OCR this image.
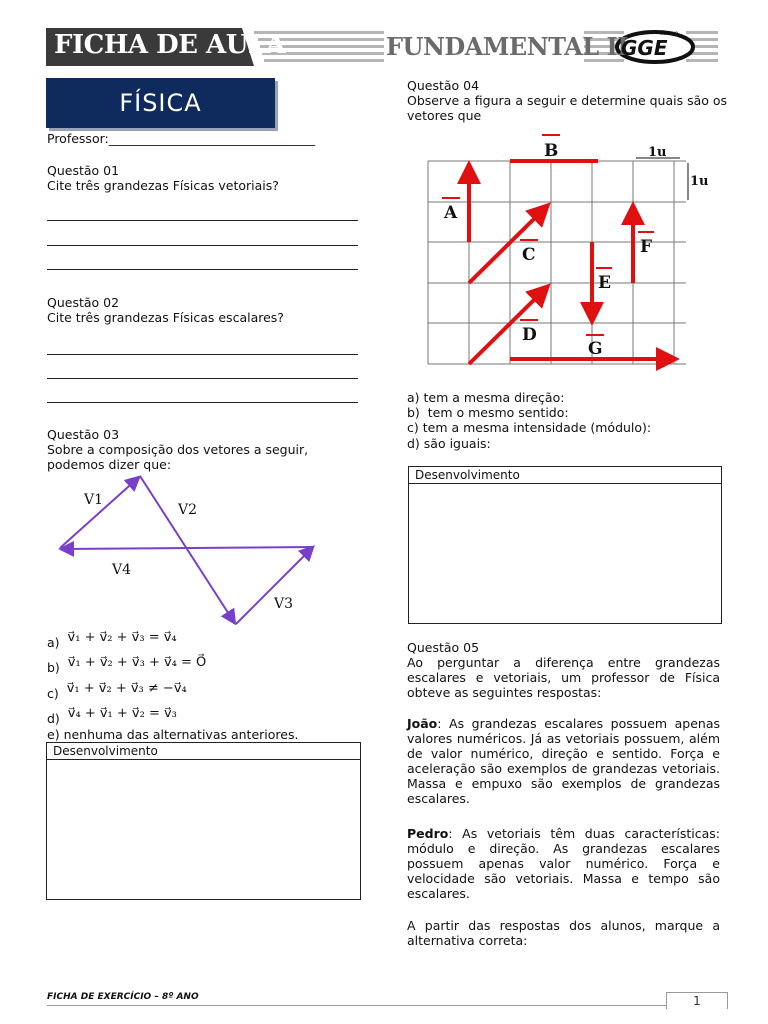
FICHA DE AULA	FUNDAMENTAL II
GGE
COLÉGIO
FÍSICA
Professor:_________________________________
Questão 01
Cite três grandezas Físicas vetoriais?
Questão 02
Cite três grandezas Físicas escalares?
Questão 03
Sobre a composição dos vetores a seguir,
podemos dizer que:
V1
V2
V4
V3
a) v⃗₁ + v⃗₂ + v⃗₃ = v⃗₄
b) v⃗₁ + v⃗₂ + v⃗₃ + v⃗₄ = O⃗
c) v⃗₁ + v⃗₂ + v⃗₃ ≠ −v⃗₄
d) v⃗₄ + v⃗₁ + v⃗₂ = v⃗₃
e) nenhuma das alternativas anteriores.
Desenvolvimento
Questão 04
Observe a figura a seguir e determine quais são os
vetores que
1u
1u
A
B
C
D
E
F
G
a) tem a mesma direção:
b)  tem o mesmo sentido:
c) tem a mesma intensidade (módulo):
d) são iguais:
Desenvolvimento
Questão 05
Ao perguntar a diferença entre grandezas escalares e vetoriais, um professor de Física obteve as seguintes respostas:
João: As grandezas escalares possuem apenas valores numéricos. Já as vetoriais possuem, além de valor numérico, direção e sentido. Força e aceleração são exemplos de grandezas vetoriais. Massa e empuxo são exemplos de grandezas escalares.
Pedro: As vetoriais têm duas características: módulo e direção. As grandezas escalares possuem apenas valor numérico. Força e velocidade são vetoriais. Massa e tempo são escalares.
A partir das respostas dos alunos, marque a alternativa correta:
FICHA DE EXERCÍCIO – 8º ANO	1
